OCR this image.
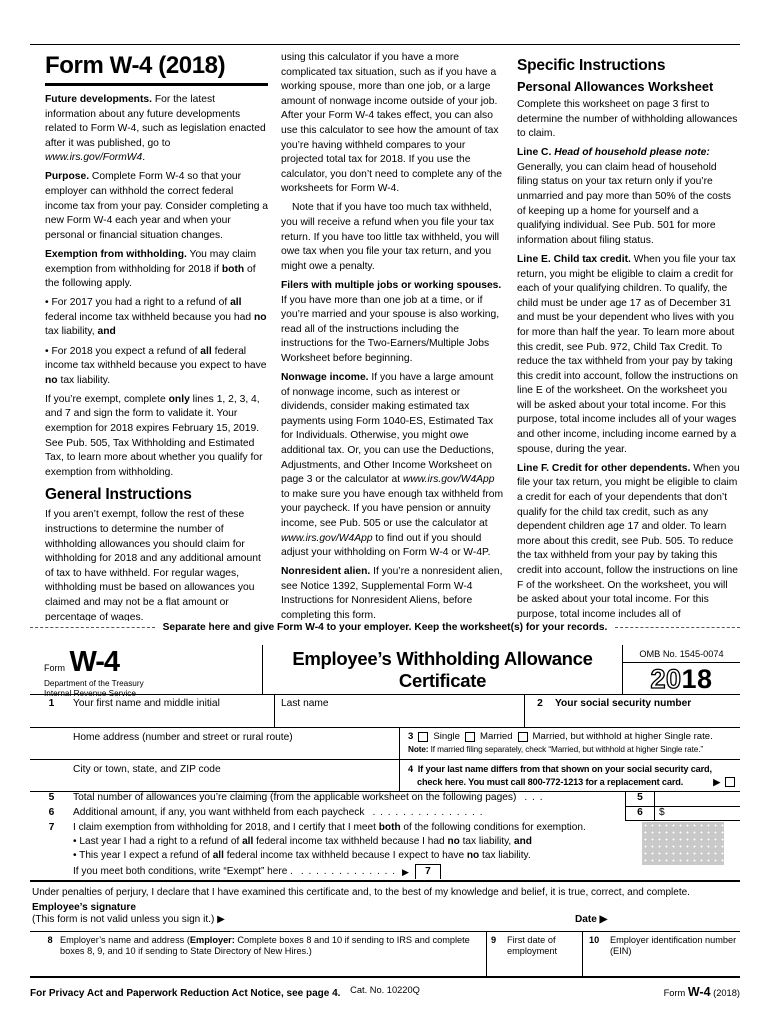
Form W-4 (2018)

Future developments. For the latest information about any future developments related to Form W-4, such as legislation enacted after it was published, go to www.irs.gov/FormW4.

Purpose. Complete Form W-4 so that your employer can withhold the correct federal income tax from your pay. Consider completing a new Form W-4 each year and when your personal or financial situation changes.

Exemption from withholding. You may claim exemption from withholding for 2018 if both of the following apply.

• For 2017 you had a right to a refund of all federal income tax withheld because you had no tax liability, and

• For 2018 you expect a refund of all federal income tax withheld because you expect to have no tax liability.

If you’re exempt, complete only lines 1, 2, 3, 4, and 7 and sign the form to validate it. Your exemption for 2018 expires February 15, 2019. See Pub. 505, Tax Withholding and Estimated Tax, to learn more about whether you qualify for exemption from withholding.

General Instructions

If you aren’t exempt, follow the rest of these instructions to determine the number of withholding allowances you should claim for withholding for 2018 and any additional amount of tax to have withheld. For regular wages, withholding must be based on allowances you claimed and may not be a flat amount or percentage of wages.

using this calculator if you have a more complicated tax situation, such as if you have a working spouse, more than one job, or a large amount of nonwage income outside of your job. After your Form W-4 takes effect, you can also use this calculator to see how the amount of tax you’re having withheld compares to your projected total tax for 2018. If you use the calculator, you don’t need to complete any of the worksheets for Form W-4.

Note that if you have too much tax withheld, you will receive a refund when you file your tax return. If you have too little tax withheld, you will owe tax when you file your tax return, and you might owe a penalty.

Filers with multiple jobs or working spouses. If you have more than one job at a time, or if you’re married and your spouse is also working, read all of the instructions including the instructions for the Two-Earners/Multiple Jobs Worksheet before beginning.

Nonwage income. If you have a large amount of nonwage income, such as interest or dividends, consider making estimated tax payments using Form 1040-ES, Estimated Tax for Individuals. Otherwise, you might owe additional tax. Or, you can use the Deductions, Adjustments, and Other Income Worksheet on page 3 or the calculator at www.irs.gov/W4App to make sure you have enough tax withheld from your paycheck. If you have pension or annuity income, see Pub. 505 or use the calculator at www.irs.gov/W4App to find out if you should adjust your withholding on Form W-4 or W-4P.

Nonresident alien. If you’re a nonresident alien, see Notice 1392, Supplemental Form W-4 Instructions for Nonresident Aliens, before completing this form.

Specific Instructions
Personal Allowances Worksheet

Complete this worksheet on page 3 first to determine the number of withholding allowances to claim.

Line C. Head of household please note: Generally, you can claim head of household filing status on your tax return only if you’re unmarried and pay more than 50% of the costs of keeping up a home for yourself and a qualifying individual. See Pub. 501 for more information about filing status.

Line E. Child tax credit. When you file your tax return, you might be eligible to claim a credit for each of your qualifying children. To qualify, the child must be under age 17 as of December 31 and must be your dependent who lives with you for more than half the year. To learn more about this credit, see Pub. 972, Child Tax Credit. To reduce the tax withheld from your pay by taking this credit into account, follow the instructions on line E of the worksheet. On the worksheet you will be asked about your total income. For this purpose, total income includes all of your wages and other income, including income earned by a spouse, during the year.

Line F. Credit for other dependents. When you file your tax return, you might be eligible to claim a credit for each of your dependents that don’t qualify for the child tax credit, such as any dependent children age 17 and older. To learn more about this credit, see Pub. 505. To reduce the tax withheld from your pay by taking this credit into account, follow the instructions on line F of the worksheet. On the worksheet, you will be asked about your total income. For this purpose, total income includes all of

Separate here and give Form W-4 to your employer. Keep the worksheet(s) for your records.
Form W-4
Department of the Treasury
Internal Revenue Service
Employee’s Withholding Allowance Certificate
OMB No. 1545-0074
2018
1	Your first name and middle initial	Last name	2	Your social security number
Home address (number and street or rural route)	3 Single Married Married, but withhold at higher Single rate.
Note: If married filing separately, check “Married, but withhold at higher Single rate.”
City or town, state, and ZIP code	4 If your last name differs from that shown on your social security card,
check here. You must call 800-772-1213 for a replacement card.	▶
5	Total number of allowances you’re claiming (from the applicable worksheet on the following pages) . . .	5
6	Additional amount, if any, you want withheld from each paycheck . . . . . . . . . . . . . . .	6	$
7	I claim exemption from withholding for 2018, and I certify that I meet both of the following conditions for exemption.
• Last year I had a right to a refund of all federal income tax withheld because I had no tax liability, and
• This year I expect a refund of all federal income tax withheld because I expect to have no tax liability.
If you meet both conditions, write “Exempt” here . . . . . . . . . . . . . . ▶	7
Under penalties of perjury, I declare that I have examined this certificate and, to the best of my knowledge and belief, it is true, correct, and complete.
Employee’s signature
(This form is not valid unless you sign it.) ▶	Date ▶
8 Employer’s name and address (Employer: Complete boxes 8 and 10 if sending to IRS and complete boxes 8, 9, and 10 if sending to State Directory of New Hires.)
9	First date of employment
10	Employer identification number (EIN)
For Privacy Act and Paperwork Reduction Act Notice, see page 4.	Cat. No. 10220Q	Form W-4 (2018)
